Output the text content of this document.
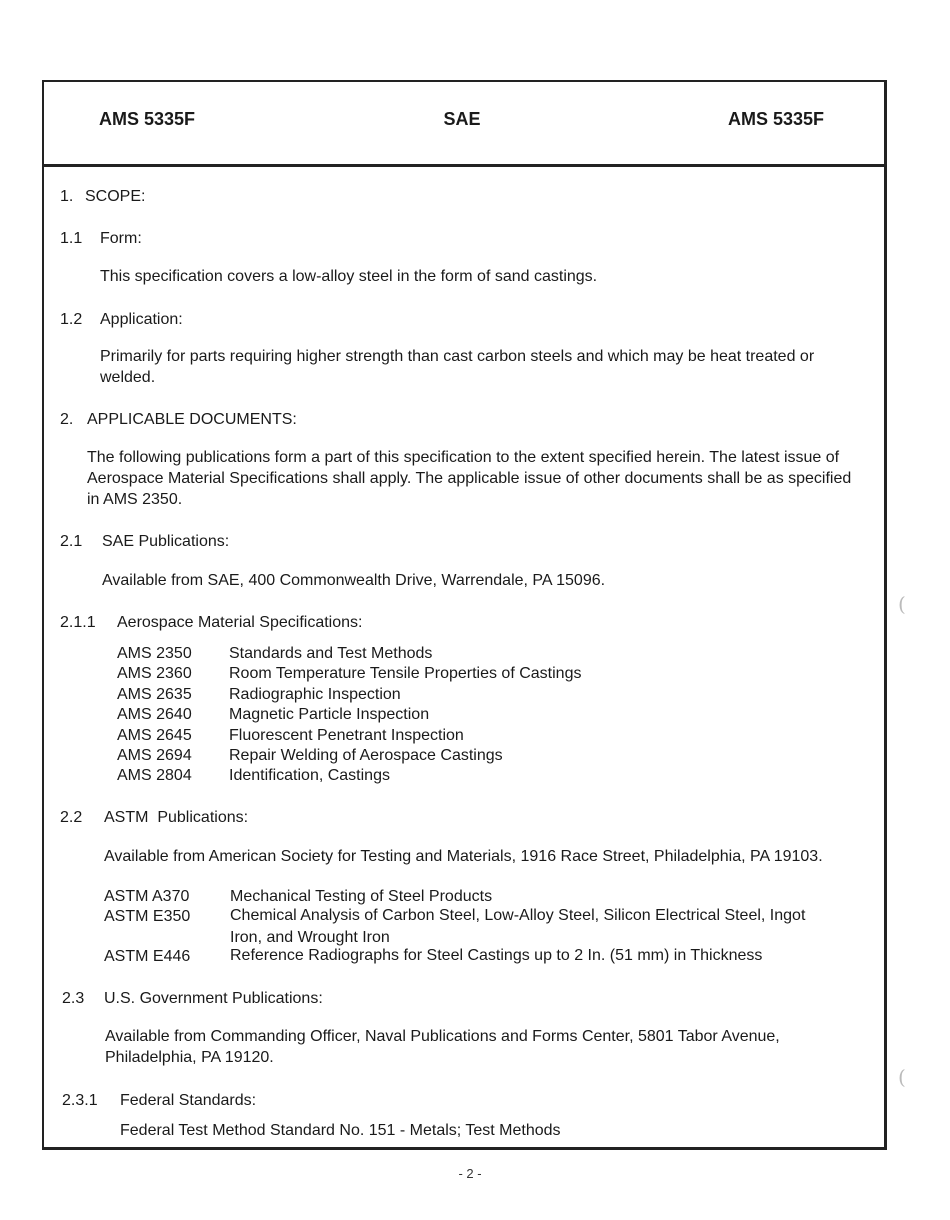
AMS 5335F	SAE	AMS 5335F
1. SCOPE:
1.1 Form:
This specification covers a low-alloy steel in the form of sand castings.
1.2 Application:
Primarily for parts requiring higher strength than cast carbon steels and which may be heat treated or welded.
2. APPLICABLE DOCUMENTS:
The following publications form a part of this specification to the extent specified herein. The latest issue of Aerospace Material Specifications shall apply. The applicable issue of other documents shall be as specified in AMS 2350.
2.1 SAE Publications:
Available from SAE, 400 Commonwealth Drive, Warrendale, PA 15096.
2.1.1 Aerospace Material Specifications:
AMS 2350 Standards and Test Methods
AMS 2360 Room Temperature Tensile Properties of Castings
AMS 2635 Radiographic Inspection
AMS 2640 Magnetic Particle Inspection
AMS 2645 Fluorescent Penetrant Inspection
AMS 2694 Repair Welding of Aerospace Castings
AMS 2804 Identification, Castings
2.2 ASTM  Publications:
Available from American Society for Testing and Materials, 1916 Race Street, Philadelphia, PA 19103.
ASTM A370	Mechanical Testing of Steel Products
ASTM E350 Chemical Analysis of Carbon Steel, Low-Alloy Steel, Silicon Electrical Steel, Ingot
Iron, and Wrought Iron
ASTM E446 Reference Radiographs for Steel Castings up to 2 In. (51 mm) in Thickness
2.3 U.S. Government Publications:
Available from Commanding Officer, Naval Publications and Forms Center, 5801 Tabor Avenue, Philadelphia, PA 19120.
2.3.1 Federal Standards:
Federal Test Method Standard No. 151 - Metals; Test Methods
- 2 -
(
(
